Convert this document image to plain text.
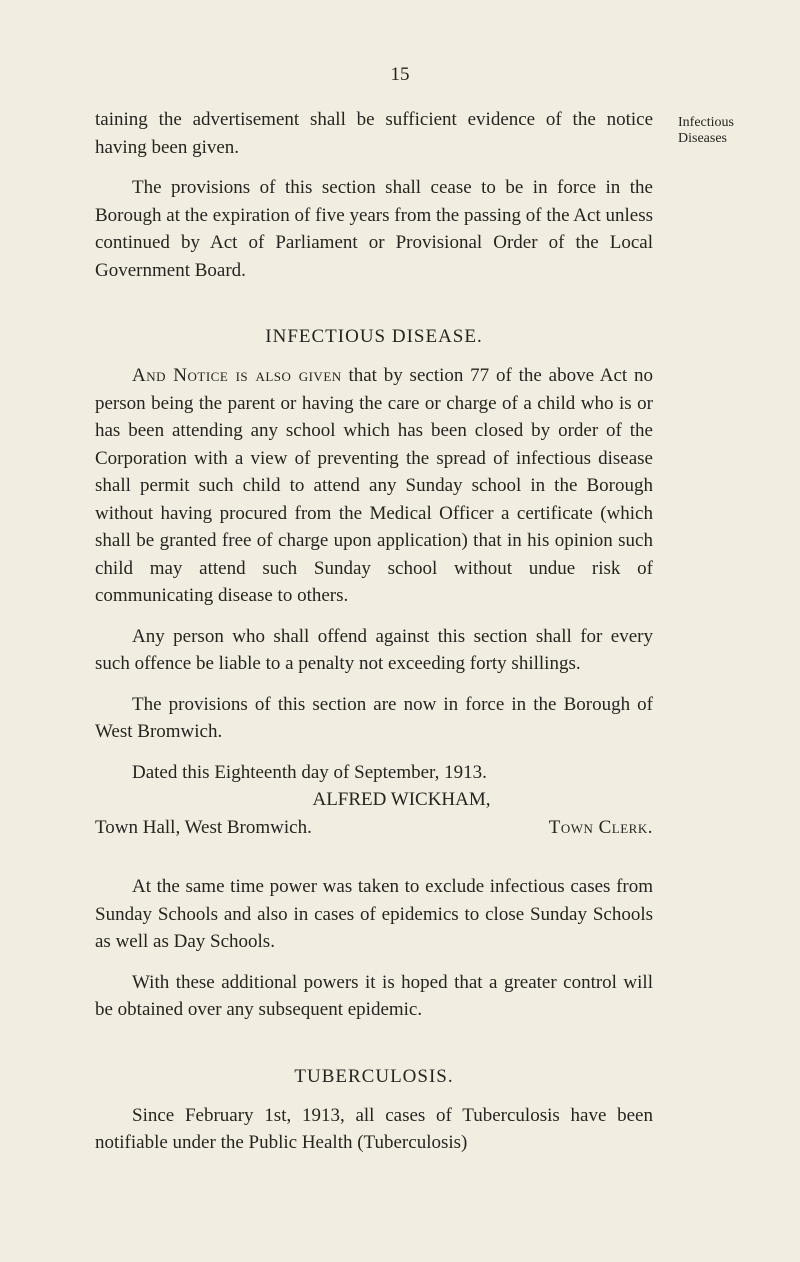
15
Infectious
Diseases

taining the advertisement shall be sufficient evidence of the notice having been given.

The provisions of this section shall cease to be in force in the Borough at the expiration of five years from the passing of the Act unless continued by Act of Parliament or Provisional Order of the Local Government Board.

INFECTIOUS DISEASE.

And Notice is also given that by section 77 of the above Act no person being the parent or having the care or charge of a child who is or has been attending any school which has been closed by order of the Corporation with a view of preventing the spread of infectious disease shall permit such child to attend any Sunday school in the Borough without having procured from the Medical Officer a certificate (which shall be granted free of charge upon application) that in his opinion such child may attend such Sunday school without undue risk of communicating disease to others.

Any person who shall offend against this section shall for every such offence be liable to a penalty not exceeding forty shillings.

The provisions of this section are now in force in the Borough of West Bromwich.

Dated this Eighteenth day of September, 1913.

ALFRED WICKHAM,
Town Hall, West Bromwich.	Town Clerk.

At the same time power was taken to exclude infectious cases from Sunday Schools and also in cases of epidemics to close Sunday Schools as well as Day Schools.

With these additional powers it is hoped that a greater control will be obtained over any subsequent epidemic.

TUBERCULOSIS.

Since February 1st, 1913, all cases of Tuberculosis have been notifiable under the Public Health (Tuberculosis)
